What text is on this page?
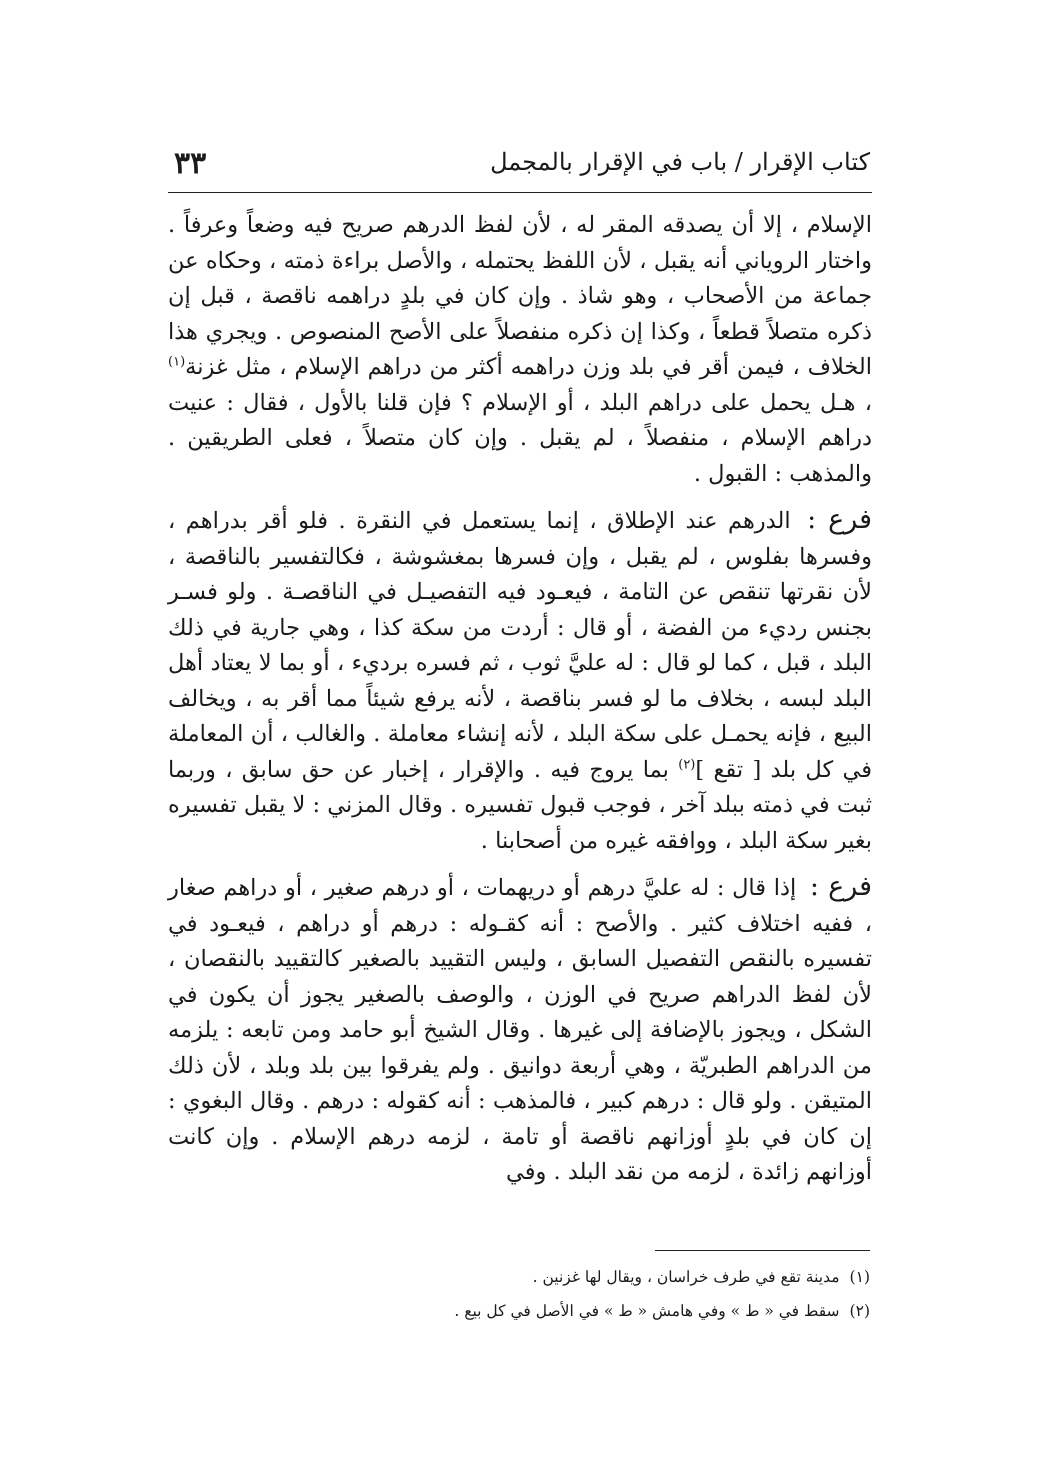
كتاب الإقرار / باب في الإقرار بالمجمل
٣٣

الإسلام ، إلا أن يصدقه المقر له ، لأن لفظ الدرهم صريح فيه وضعاً وعرفاً . واختار الروياني أنه يقبل ، لأن اللفظ يحتمله ، والأصل براءة ذمته ، وحكاه عن جماعة من الأصحاب ، وهو شاذ . وإن كان في بلدٍ دراهمه ناقصة ، قبل إن ذكره متصلاً قطعاً ، وكذا إن ذكره منفصلاً على الأصح المنصوص . ويجري هذا الخلاف ، فيمن أقر في بلد وزن دراهمه أكثر من دراهم الإسلام ، مثل غزنة$^{(١)}$ ، هـل يحمل على دراهم البلد ، أو الإسلام ؟ فإن قلنا بالأول ، فقال : عنيت دراهم الإسلام ، منفصلاً ، لم يقبل . وإن كان متصلاً ، فعلى الطريقين . والمذهب : القبول .

فرع : الدرهم عند الإطلاق ، إنما يستعمل في النقرة . فلو أقر بدراهم ، وفسرها بفلوس ، لم يقبل ، وإن فسرها بمغشوشة ، فكالتفسير بالناقصة ، لأن نقرتها تنقص عن التامة ، فيعـود فيه التفصيـل في الناقصـة . ولو فسـر بجنس رديء من الفضة ، أو قال : أردت من سكة كذا ، وهي جارية في ذلك البلد ، قبل ، كما لو قال : له عليَّ ثوب ، ثم فسره برديء ، أو بما لا يعتاد أهل البلد لبسه ، بخلاف ما لو فسر بناقصة ، لأنه يرفع شيئاً مما أقر به ، ويخالف البيع ، فإنه يحمـل على سكة البلد ، لأنه إنشاء معاملة . والغالب ، أن المعاملة في كل بلد [ تقع ]$^{(٢)}$ بما يروج فيه . والإقرار ، إخبار عن حق سابق ، وربما ثبت في ذمته ببلد آخر ، فوجب قبول تفسيره . وقال المزني : لا يقبل تفسيره بغير سكة البلد ، ووافقه غيره من أصحابنا .

فرع : إذا قال : له عليَّ درهم أو دريهمات ، أو درهم صغير ، أو دراهم صغار ، ففيه اختلاف كثير . والأصح : أنه كقـوله : درهم أو دراهم ، فيعـود في تفسيره بالنقص التفصيل السابق ، وليس التقييد بالصغير كالتقييد بالنقصان ، لأن لفظ الدراهم صريح في الوزن ، والوصف بالصغير يجوز أن يكون في الشكل ، ويجوز بالإضافة إلى غيرها . وقال الشيخ أبو حامد ومن تابعه : يلزمه من الدراهم الطبريّة ، وهي أربعة دوانيق . ولم يفرقوا بين بلد وبلد ، لأن ذلك المتيقن . ولو قال : درهم كبير ، فالمذهب : أنه كقوله : درهم . وقال البغوي : إن كان في بلدٍ أوزانهم ناقصة أو تامة ، لزمه درهم الإسلام . وإن كانت أوزانهم زائدة ، لزمه من نقد البلد . وفي

(١)مدينة تقع في طرف خراسان ، ويقال لها غزنين .
(٢)سقط في « ط » وفي هامش « ط » في الأصل في كل بيع .
